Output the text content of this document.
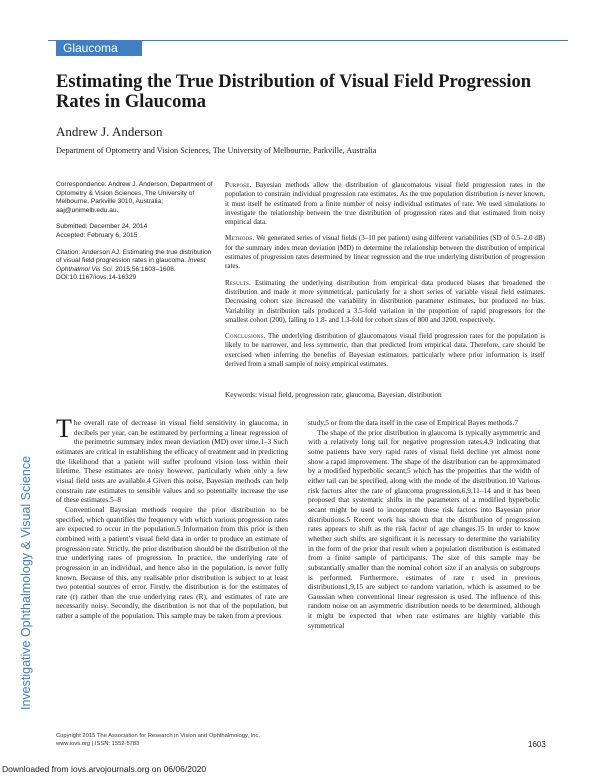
Glaucoma
Investigative Ophthalmology & Visual Science
Estimating the True Distribution of Visual Field Progression Rates in Glaucoma
Andrew J. Anderson
Department of Optometry and Vision Sciences, The University of Melbourne, Parkville, Australia

Correspondence: Andrew J. Anderson, Department of Optometry & Vision Sciences, The University of Melbourne, Parkville 3010, Australia; aaj@unimelb.edu.au.

Submitted: December 24, 2014
Accepted: February 6, 2015

Citation: Anderson AJ. Estimating the true distribution of visual field progression rates in glaucoma. Invest Ophthalmol Vis Sci. 2015;56:1603–1608. DOI:10.1167/iovs.14-16329

Purpose. Bayesian methods allow the distribution of glaucomatous visual field progression rates in the population to constrain individual progression rate estimates. As the true population distribution is never known, it must itself be estimated from a finite number of noisy individual estimates of rate. We used simulations to investigate the relationship between the true distribution of progression rates and that estimated from noisy empirical data.

Methods. We generated series of visual fields (3–10 per patient) using different variabilities (SD of 0.5–2.0 dB) for the summary index mean deviation (MD) to determine the relationship between the distribution of empirical estimates of progression rates determined by linear regression and the true underlying distribution of progression rates.

Results. Estimating the underlying distribution from empirical data produced biases that broadened the distribution and made it more symmetrical, particularly for a short series of variable visual field estimates. Decreasing cohort size increased the variability in distribution parameter estimates, but produced no bias. Variability in distribution tails produced a 3.5-fold variation in the proportion of rapid progressors for the smallest cohort (200), falling to 1.8- and 1.3-fold for cohort sizes of 800 and 3200, respectively.

Conclusions. The underlying distribution of glaucomatous visual field progression rates for the population is likely to be narrower, and less symmetric, than that predicted from empirical data. Therefore, care should be exercised when inferring the benefits of Bayesian estimators, particularly where prior information is itself derived from a small sample of noisy empirical estimates.

Keywords: visual field, progression rate, glaucoma, Bayesian, distribution

The overall rate of decrease in visual field sensitivity in glaucoma, in decibels per year, can be estimated by performing a linear regression of the perimetric summary index mean deviation (MD) over time.1–3 Such estimates are critical in establishing the efficacy of treatment and in predicting the likelihood that a patient will suffer profound vision loss within their lifetime. These estimates are noisy however, particularly when only a few visual field tests are available.4 Given this noise, Bayesian methods can help constrain rate estimates to sensible values and so potentially increase the use of these estimates.5–8

Conventional Bayesian methods require the prior distribution to be specified, which quantifies the frequency with which various progression rates are expected to occur in the population.5 Information from this prior is then combined with a patient’s visual field data in order to produce an estimate of progression rate. Strictly, the prior distribution should be the distribution of the true underlying rates of progression. In practice, the underlying rate of progression in an individual, and hence also in the population, is never fully known. Because of this, any realisable prior distribution is subject to at least two potential sources of error. Firstly, the distribution is for the estimates of rate (r) rather than the true underlying rates (R), and estimates of rate are necessarily noisy. Secondly, the distribution is not that of the population, but rather a sample of the population. This sample may be taken from a previous

study,5 or from the data itself in the case of Empirical Bayes methods.7

The shape of the prior distribution in glaucoma is typically asymmetric and with a relatively long tail for negative progression rates,4,9 indicating that some patients have very rapid rates of visual field decline yet almost none show a rapid improvement. The shape of the distribution can be approximated by a modified hyperbolic secant,5 which has the properties that the width of either tail can be specified, along with the mode of the distribution.10 Various risk factors alter the rate of glaucoma progression,6,9,11–14 and it has been proposed that systematic shifts in the parameters of a modified hyperbolic secant might be used to incorporate these risk factors into Bayesian prior distributions.5 Recent work has shown that the distribution of progression rates appears to shift as the risk factor of age changes.15 In order to know whether such shifts are significant it is necessary to determine the variability in the form of the prior that result when a population distribution is estimated from a finite sample of participants. The size of this sample may be substantially smaller than the nominal cohort size if an analysis on subgroups is performed. Furthermore, estimates of rate r used in previous distributions1,9,15 are subject to random variation, which is assumed to be Gaussian when conventional linear regression is used. The influence of this random noise on an asymmetric distribution needs to be determined, although it might be expected that when rate estimates are highly variable this symmetrical

Copyright 2015 The Association for Research in Vision and Ophthalmology, Inc.
www.iovs.org | ISSN: 1552-5783	1603
Downloaded from iovs.arvojournals.org on 06/06/2020
